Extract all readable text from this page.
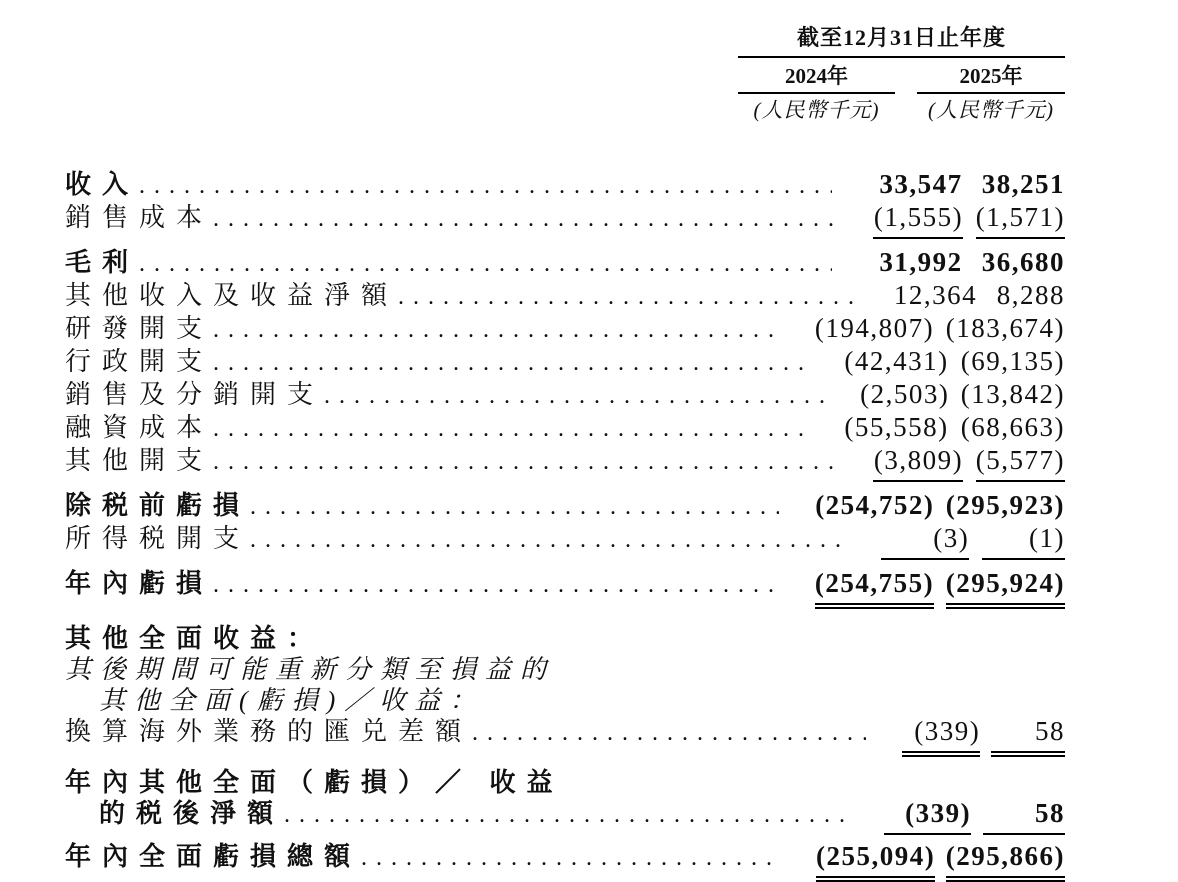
截至12月31日止年度
2024年	2025年
(人民幣千元)	(人民幣千元)
收入 .....	33,547 38,251
銷售成本 .....	(1,555) (1,571)
毛利 .....	31,992 36,680
其他收入及收益淨額 .....	12,364 8,288
研發開支 .....	(194,807) (183,674)
行政開支 .....	(42,431) (69,135)
銷售及分銷開支 .....	(2,503) (13,842)
融資成本 .....	(55,558) (68,663)
其他開支 .....	(3,809) (5,577)
除税前虧損 .....	(254,752) (295,923)
所得税開支 .....	(3)	(1)
年內虧損 .....	(254,755) (295,924)
其他全面收益：
其後期間可能重新分類至損益的
其他全面(虧損)／收益：
換算海外業務的匯兑差額 .....	(339)	58
年內其他全面（虧損）／ 收益
的税後淨額 .....	(339)	58
年內全面虧損總額 .....	(255,094) (295,866)
